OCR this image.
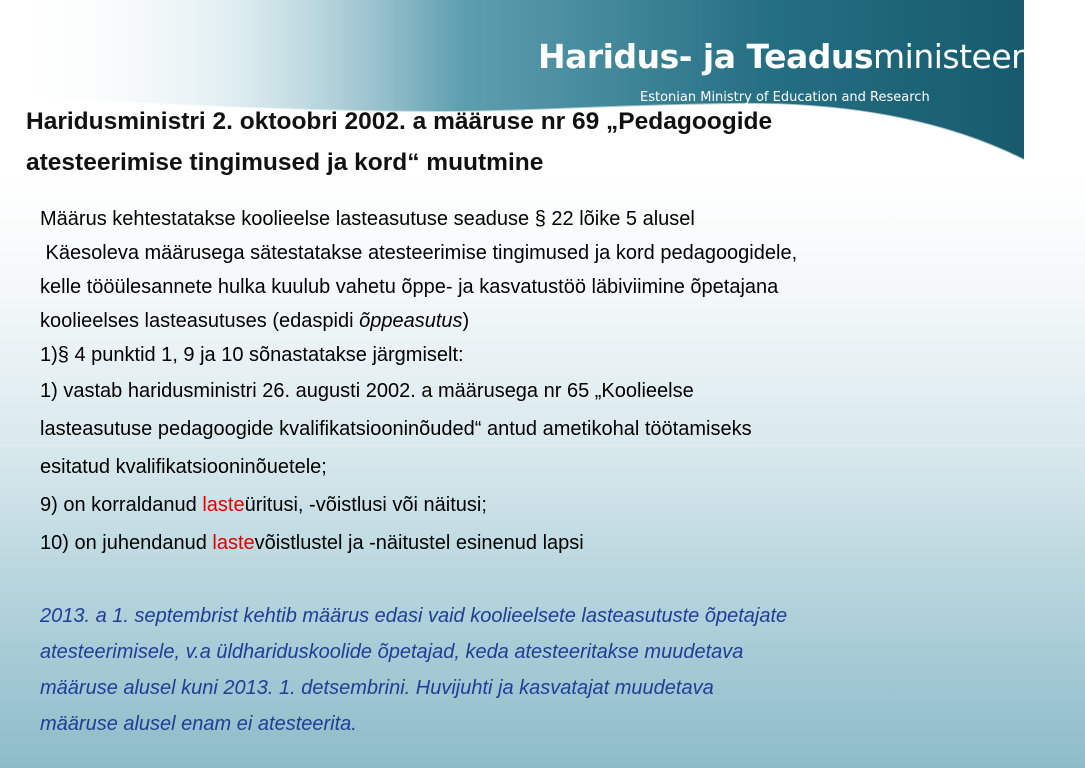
Haridus- ja Teadusministeerium
Estonian Ministry of Education and Research
Haridusministri 2. oktoobri 2002. a määruse nr 69 „Pedagoogide
atesteerimise tingimused ja kord“ muutmine

Määrus kehtestatakse koolieelse lasteasutuse seaduse § 22 lõike 5 alusel

Käesoleva määrusega sätestatakse atesteerimise tingimused ja kord pedagoogidele,

kelle tööülesannete hulka kuulub vahetu õppe- ja kasvatustöö läbiviimine õpetajana

koolieelses lasteasutuses (edaspidi õppeasutus)

1)§ 4 punktid 1, 9 ja 10 sõnastatakse järgmiselt:

1) vastab haridusministri 26. augusti 2002. a määrusega nr 65 „Koolieelse

lasteasutuse pedagoogide kvalifikatsiooninõuded“ antud ametikohal töötamiseks

esitatud kvalifikatsiooninõuetele;

9) on korraldanud lasteüritusi, -võistlusi või näitusi;

10) on juhendanud lastevõistlustel ja -näitustel esinenud lapsi

2013. a 1. septembrist kehtib määrus edasi vaid koolieelsete lasteasutuste õpetajate

atesteerimisele, v.a üldhariduskoolide õpetajad, keda atesteeritakse muudetava

määruse alusel kuni 2013. 1. detsembrini. Huvijuhti ja kasvatajat muudetava

määruse alusel enam ei atesteerita.
